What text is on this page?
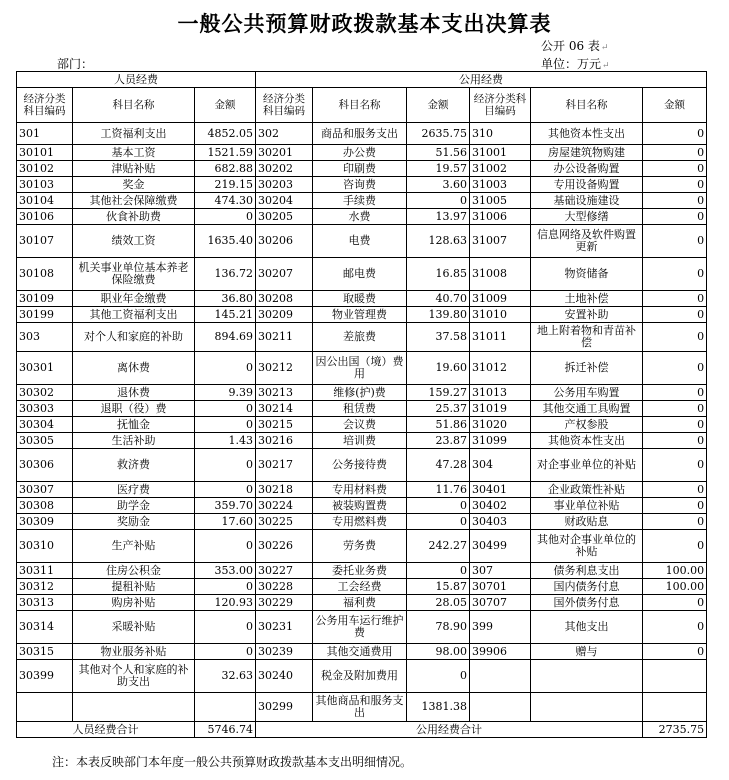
一般公共预算财政拨款基本支出决算表
公开 06 表↵
部门：	单位：万元↵
人员经费			公用经费					
经济分类科目编码	科目名称	金额	经济分类科目编码	科目名称	金额	经济分类科目编码	科目名称	金额
301	工资福利支出	4852.05	302	商品和服务支出	2635.75	310	其他资本性支出	0
30101	基本工资	1521.59	30201	办公费	51.56	31001	房屋建筑物购建	0
30102	津贴补贴	682.88	30202	印刷费	19.57	31002	办公设备购置	0
30103	奖金	219.15	30203	咨询费	3.60	31003	专用设备购置	0
30104	其他社会保障缴费	474.30	30204	手续费	0	31005	基础设施建设	0
30106	伙食补助费	0	30205	水费	13.97	31006	大型修缮	0
30107	绩效工资	1635.40	30206	电费	128.63	31007	信息网络及软件购置更新	0
30108	机关事业单位基本养老保险缴费	136.72	30207	邮电费	16.85	31008	物资储备	0
30109	职业年金缴费	36.80	30208	取暖费	40.70	31009	土地补偿	0
30199	其他工资福利支出	145.21	30209	物业管理费	139.80	31010	安置补助	0
303	对个人和家庭的补助	894.69	30211	差旅费	37.58	31011	地上附着物和青苗补偿	0
30301	离休费	0	30212	因公出国（境）费用	19.60	31012	拆迁补偿	0
30302	退休费	9.39	30213	维修(护)费	159.27	31013	公务用车购置	0
30303	退职（役）费	0	30214	租赁费	25.37	31019	其他交通工具购置	0
30304	抚恤金	0	30215	会议费	51.86	31020	产权参股	0
30305	生活补助	1.43	30216	培训费	23.87	31099	其他资本性支出	0
30306	救济费	0	30217	公务接待费	47.28	304	对企事业单位的补贴	0
30307	医疗费	0	30218	专用材料费	11.76	30401	企业政策性补贴	0
30308	助学金	359.70	30224	被装购置费	0	30402	事业单位补贴	0
30309	奖励金	17.60	30225	专用燃料费	0	30403	财政贴息	0
30310	生产补贴	0	30226	劳务费	242.27	30499	其他对企事业单位的补贴	0
30311	住房公积金	353.00	30227	委托业务费	0	307	债务利息支出	100.00
30312	提租补贴	0	30228	工会经费	15.87	30701	国内债务付息	100.00
30313	购房补贴	120.93	30229	福利费	28.05	30707	国外债务付息	0
30314	采暖补贴	0	30231	公务用车运行维护费	78.90	399	其他支出	0
30315	物业服务补贴	0	30239	其他交通费用	98.00	39906	赠与	0
30399	其他对个人和家庭的补助支出	32.63	30240	税金及附加费用	0			
			30299	其他商品和服务支出	1381.38			
人员经费合计		5746.74	公用经费合计					2735.75
注：本表反映部门本年度一般公共预算财政拨款基本支出明细情况。
